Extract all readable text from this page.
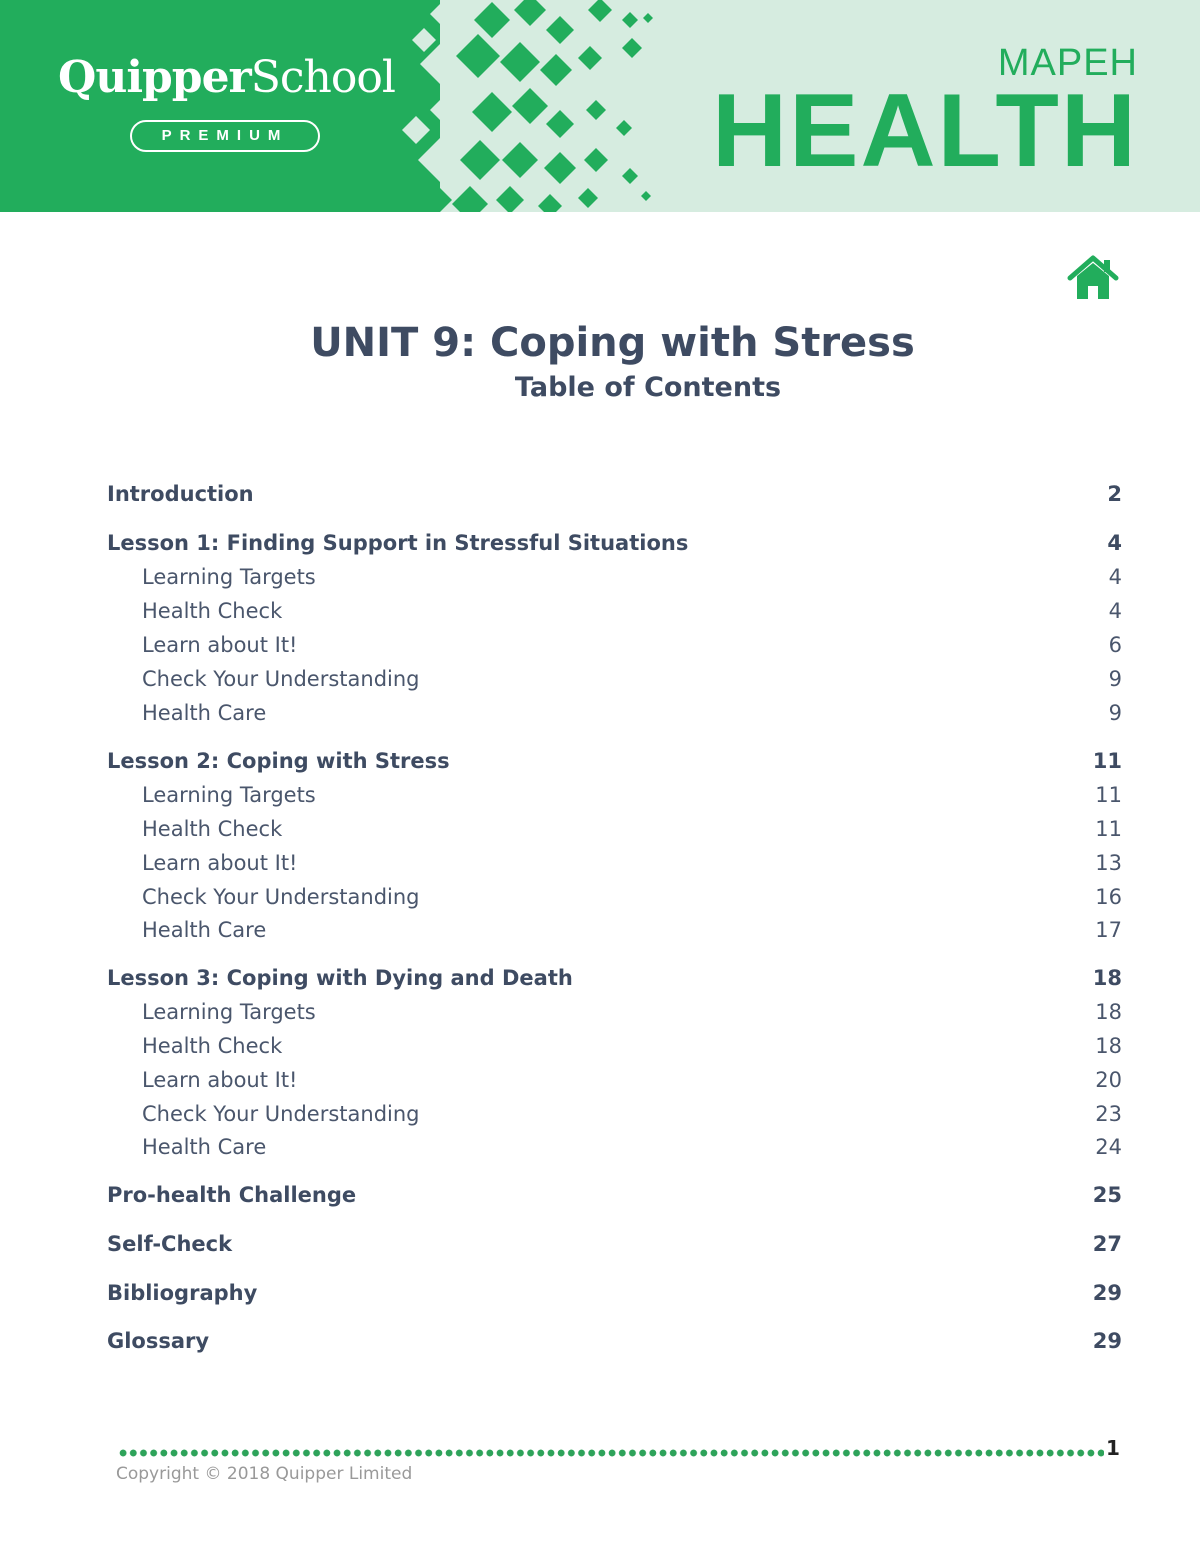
QuipperSchool
PREMIUM
MAPEH
HEALTH
UNIT 9: Coping with Stress
Table of Contents
Introduction	2
Lesson 1: Finding Support in Stressful Situations	4
Learning Targets	4
Health Check	4
Learn about It!	6
Check Your Understanding	9
Health Care	9
Lesson 2: Coping with Stress	11
Learning Targets	11
Health Check	11
Learn about It!	13
Check Your Understanding	16
Health Care	17
Lesson 3: Coping with Dying and Death	18
Learning Targets	18
Health Check	18
Learn about It!	20
Check Your Understanding	23
Health Care	24
Pro-health Challenge	25
Self-Check	27
Bibliography	29
Glossary	29
1
Copyright © 2018 Quipper Limited
